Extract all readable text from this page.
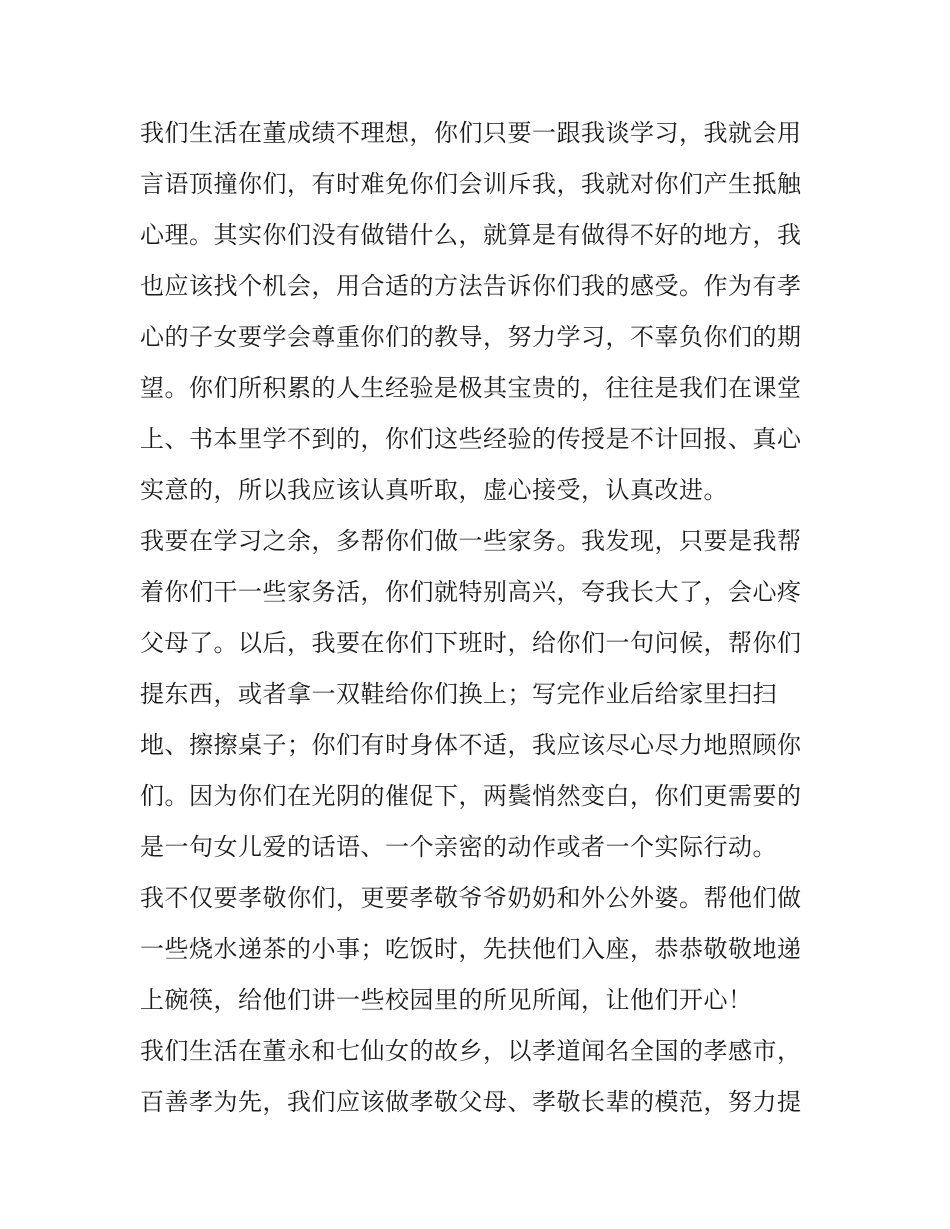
我们生活在董成绩不理想，你们只要一跟我谈学习，我就会用
言语顶撞你们，有时难免你们会训斥我，我就对你们产生抵触
心理。其实你们没有做错什么，就算是有做得不好的地方，我
也应该找个机会，用合适的方法告诉你们我的感受。作为有孝
心的子女要学会尊重你们的教导，努力学习，不辜负你们的期
望。你们所积累的人生经验是极其宝贵的，往往是我们在课堂
上、书本里学不到的，你们这些经验的传授是不计回报、真心
实意的，所以我应该认真听取，虚心接受，认真改进。
我要在学习之余，多帮你们做一些家务。我发现，只要是我帮
着你们干一些家务活，你们就特别高兴，夸我长大了，会心疼
父母了。以后，我要在你们下班时，给你们一句问候，帮你们
提东西，或者拿一双鞋给你们换上；写完作业后给家里扫扫
地、擦擦桌子；你们有时身体不适，我应该尽心尽力地照顾你
们。因为你们在光阴的催促下，两鬓悄然变白，你们更需要的
是一句女儿爱的话语、一个亲密的动作或者一个实际行动。
我不仅要孝敬你们，更要孝敬爷爷奶奶和外公外婆。帮他们做
一些烧水递茶的小事；吃饭时，先扶他们入座，恭恭敬敬地递
上碗筷，给他们讲一些校园里的所见所闻，让他们开心！
我们生活在董永和七仙女的故乡，以孝道闻名全国的孝感市，
百善孝为先，我们应该做孝敬父母、孝敬长辈的模范，努力提
